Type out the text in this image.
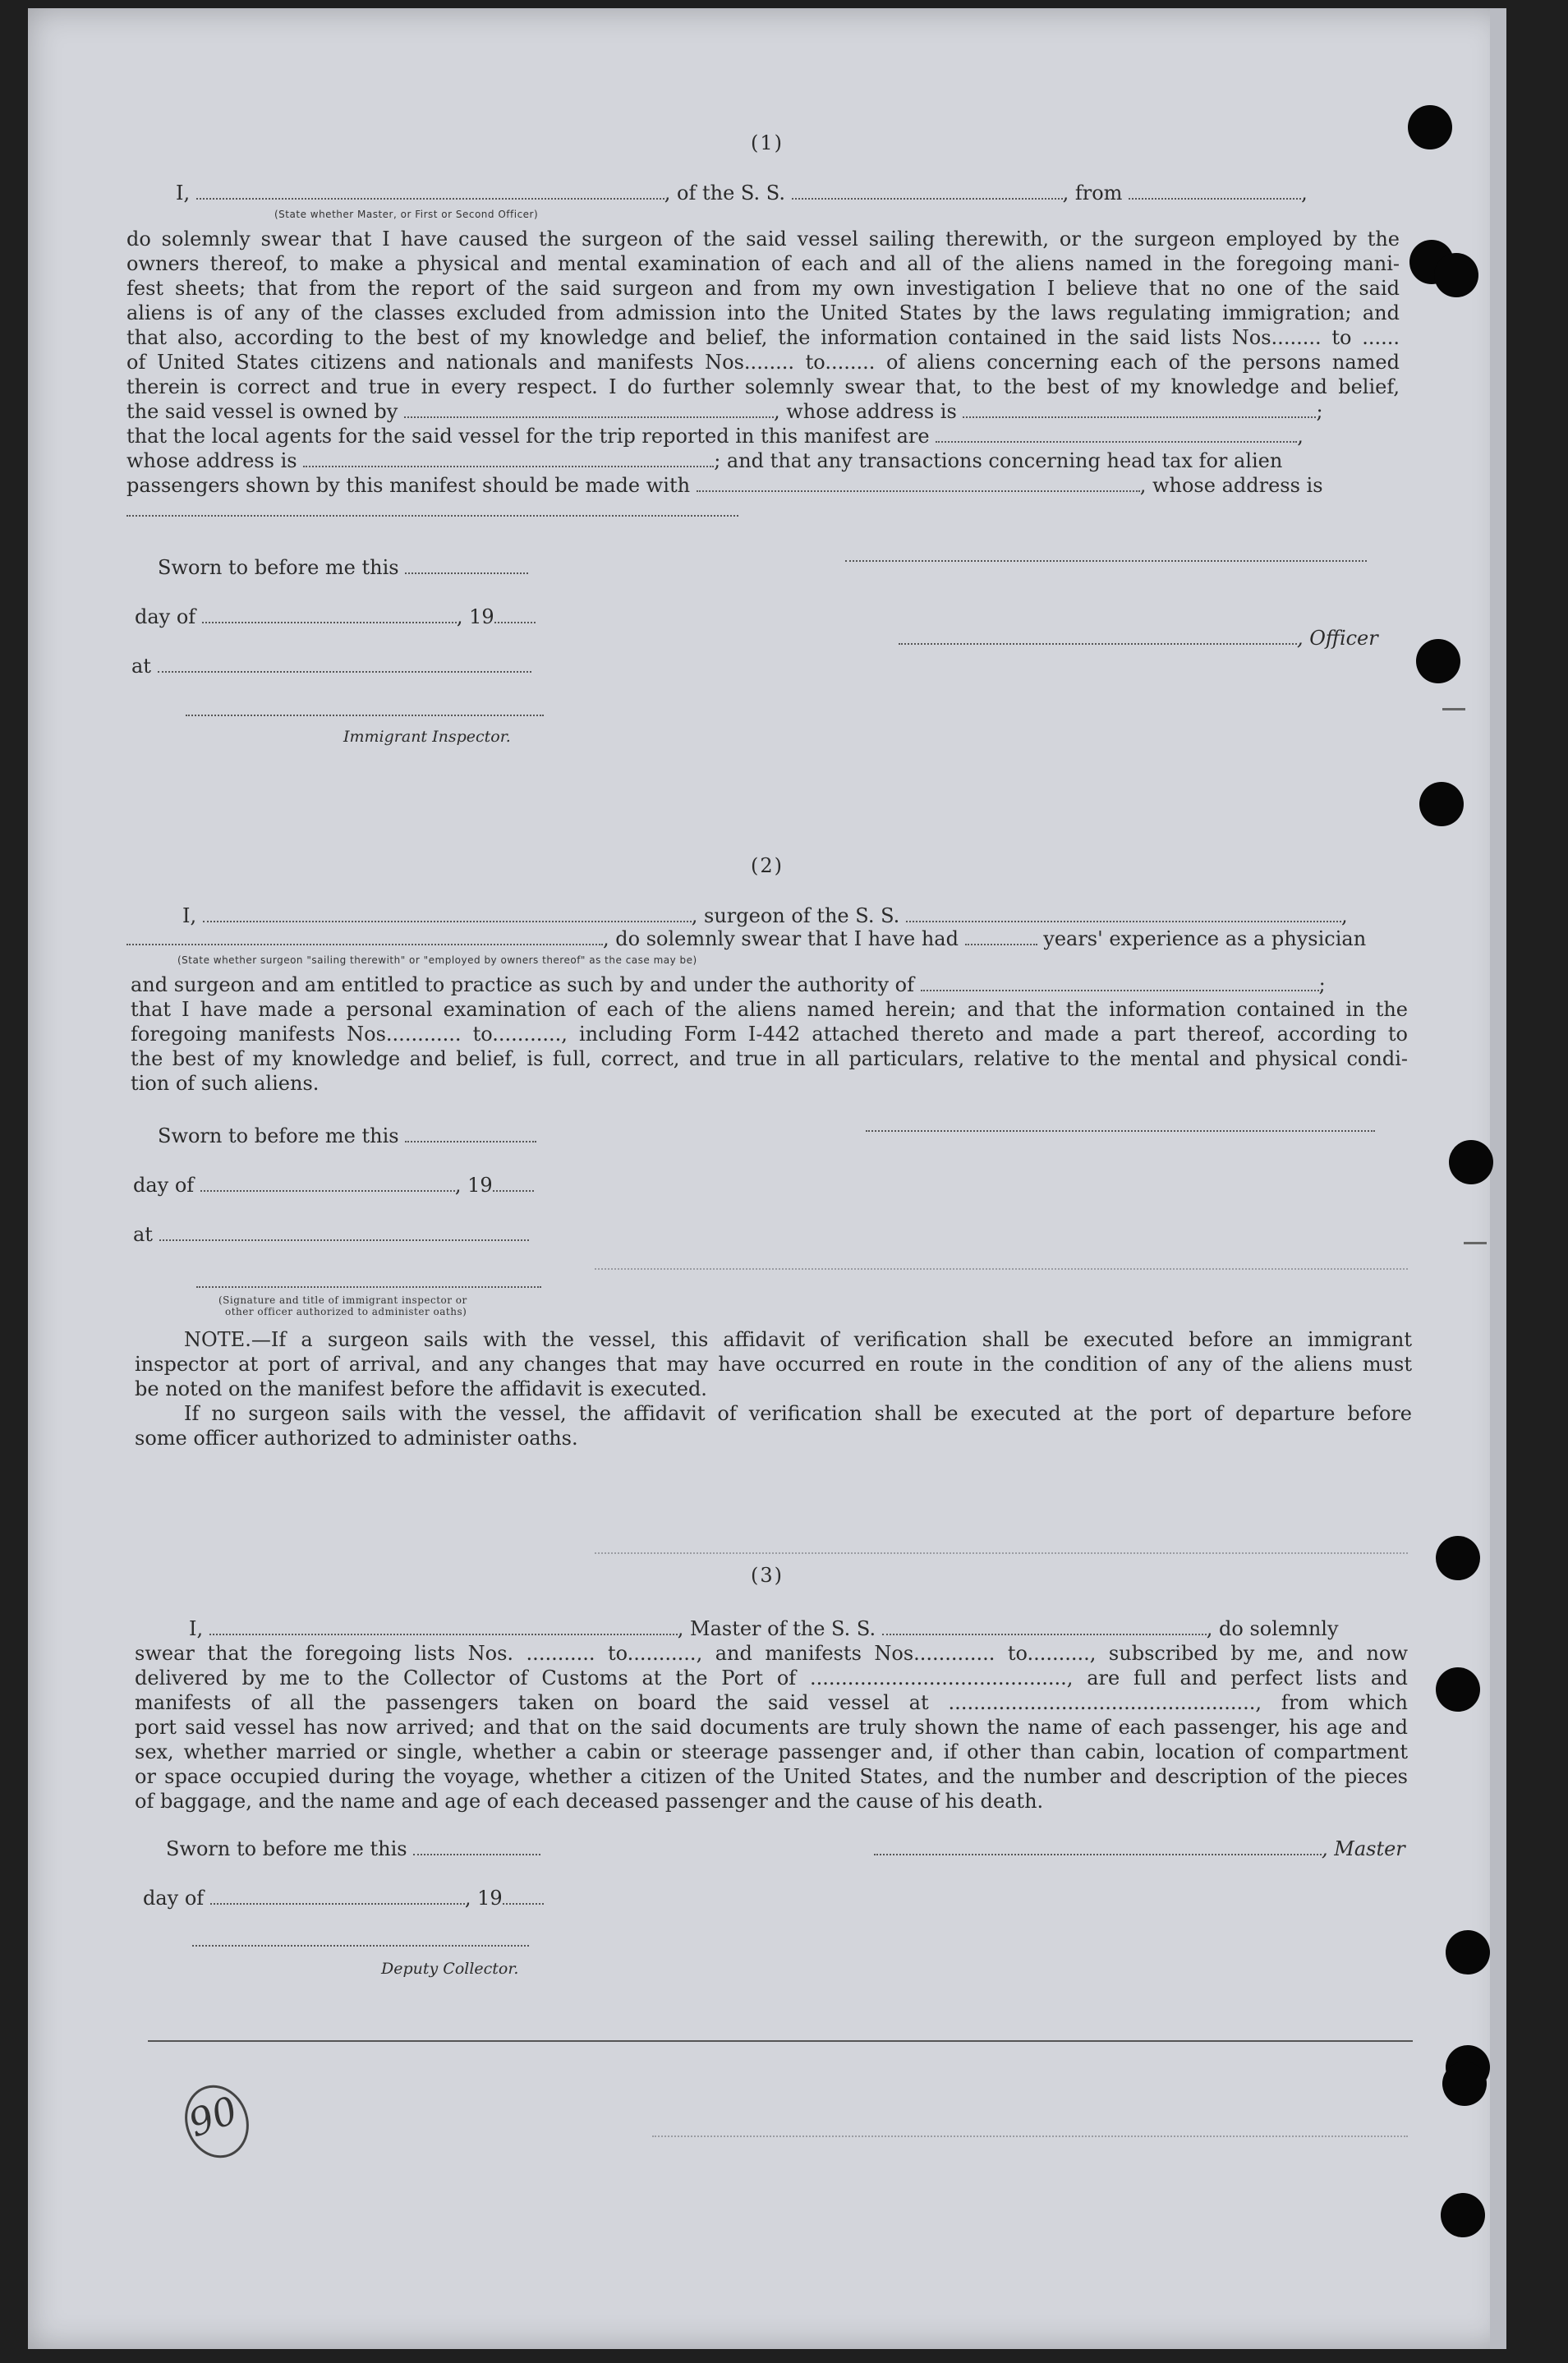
(1)
I,	, of the S. S.	, from	,
(State whether Master, or First or Second Officer)
do solemnly swear that I have caused the surgeon of the said vessel sailing therewith, or the surgeon employed by the
owners thereof, to make a physical and mental examination of each and all of the aliens named in the foregoing mani-
fest sheets; that from the report of the said surgeon and from my own investigation I believe that no one of the said
aliens is of any of the classes excluded from admission into the United States by the laws regulating immigration; and
that also, according to the best of my knowledge and belief, the information contained in the said lists Nos........ to ......
of United States citizens and nationals and manifests Nos........ to........ of aliens concerning each of the persons named
therein is correct and true in every respect. I do further solemnly swear that, to the best of my knowledge and belief,
the said vessel is owned by	, whose address is	;
that the local agents for the said vessel for the trip reported in this manifest are	,
whose address is	; and that any transactions concerning head tax for alien
passengers shown by this manifest should be made with	, whose address is
Sworn to before me this
day of	, 19
, Officer
at
Immigrant Inspector.
(2)
I,	, surgeon of the S. S.	,
, do solemnly swear that I have had	years' experience as a physician
(State whether surgeon "sailing therewith" or "employed by owners thereof" as the case may be)
and surgeon and am entitled to practice as such by and under the authority of	;
that I have made a personal examination of each of the aliens named herein; and that the information contained in the
foregoing manifests Nos............ to..........., including Form I-442 attached thereto and made a part thereof, according to
the best of my knowledge and belief, is full, correct, and true in all particulars, relative to the mental and physical condi-
tion of such aliens.
Sworn to before me this
day of	, 19
at
(Signature and title of immigrant inspector or
other officer authorized to administer oaths)
NOTE.—If a surgeon sails with the vessel, this affidavit of verification shall be executed before an immigrant
inspector at port of arrival, and any changes that may have occurred en route in the condition of any of the aliens must
be noted on the manifest before the affidavit is executed.
If no surgeon sails with the vessel, the affidavit of verification shall be executed at the port of departure before
some officer authorized to administer oaths.
(3)
I,	, Master of the S. S.	, do solemnly
swear that the foregoing lists Nos. ........... to..........., and manifests Nos............. to.........., subscribed by me, and now
delivered by me to the Collector of Customs at the Port of ........................................., are full and perfect lists and
manifests of all the passengers taken on board the said vessel at ................................................., from which
port said vessel has now arrived; and that on the said documents are truly shown the name of each passenger, his age and
sex, whether married or single, whether a cabin or steerage passenger and, if other than cabin, location of compartment
or space occupied during the voyage, whether a citizen of the United States, and the number and description of the pieces
of baggage, and the name and age of each deceased passenger and the cause of his death.
Sworn to before me this	, Master
day of	, 19
Deputy Collector.
90
